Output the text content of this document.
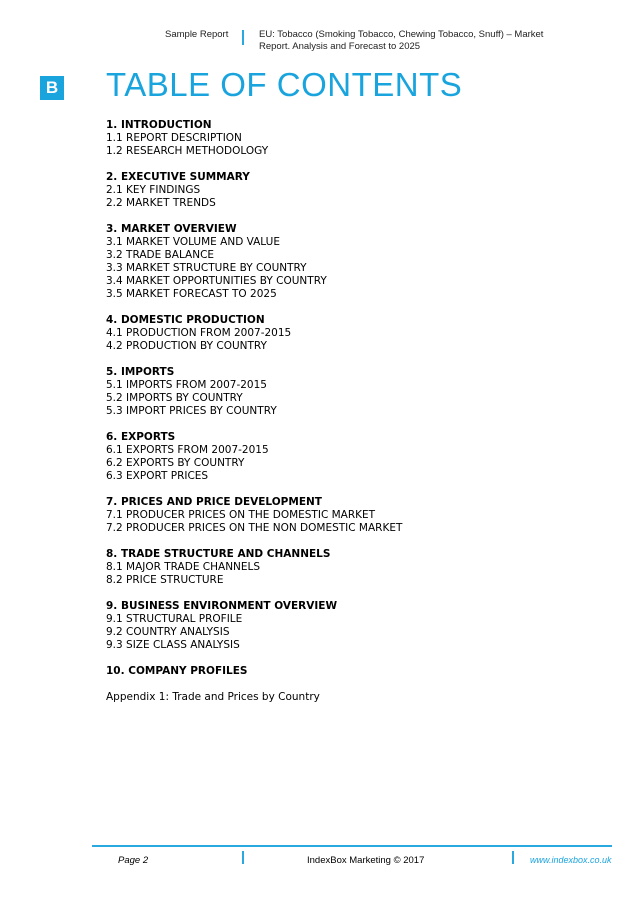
Sample Report	EU: Tobacco (Smoking Tobacco, Chewing Tobacco, Snuff) – Market Report. Analysis and Forecast to 2025
B TABLE OF CONTENTS
1. INTRODUCTION
1.1 REPORT DESCRIPTION
1.2 RESEARCH METHODOLOGY
2. EXECUTIVE SUMMARY
2.1 KEY FINDINGS
2.2 MARKET TRENDS
3. MARKET OVERVIEW
3.1 MARKET VOLUME AND VALUE
3.2 TRADE BALANCE
3.3 MARKET STRUCTURE BY COUNTRY
3.4 MARKET OPPORTUNITIES BY COUNTRY
3.5 MARKET FORECAST TO 2025
4. DOMESTIC PRODUCTION
4.1 PRODUCTION FROM 2007-2015
4.2 PRODUCTION BY COUNTRY
5. IMPORTS
5.1 IMPORTS FROM 2007-2015
5.2 IMPORTS BY COUNTRY
5.3 IMPORT PRICES BY COUNTRY
6. EXPORTS
6.1 EXPORTS FROM 2007-2015
6.2 EXPORTS BY COUNTRY
6.3 EXPORT PRICES
7. PRICES AND PRICE DEVELOPMENT
7.1 PRODUCER PRICES ON THE DOMESTIC MARKET
7.2 PRODUCER PRICES ON THE NON DOMESTIC MARKET
8. TRADE STRUCTURE AND CHANNELS
8.1 MAJOR TRADE CHANNELS
8.2 PRICE STRUCTURE
9. BUSINESS ENVIRONMENT OVERVIEW
9.1 STRUCTURAL PROFILE
9.2 COUNTRY ANALYSIS
9.3 SIZE CLASS ANALYSIS
10. COMPANY PROFILES
Appendix 1: Trade and Prices by Country
Page 2	IndexBox Marketing © 2017	www.indexbox.co.uk
